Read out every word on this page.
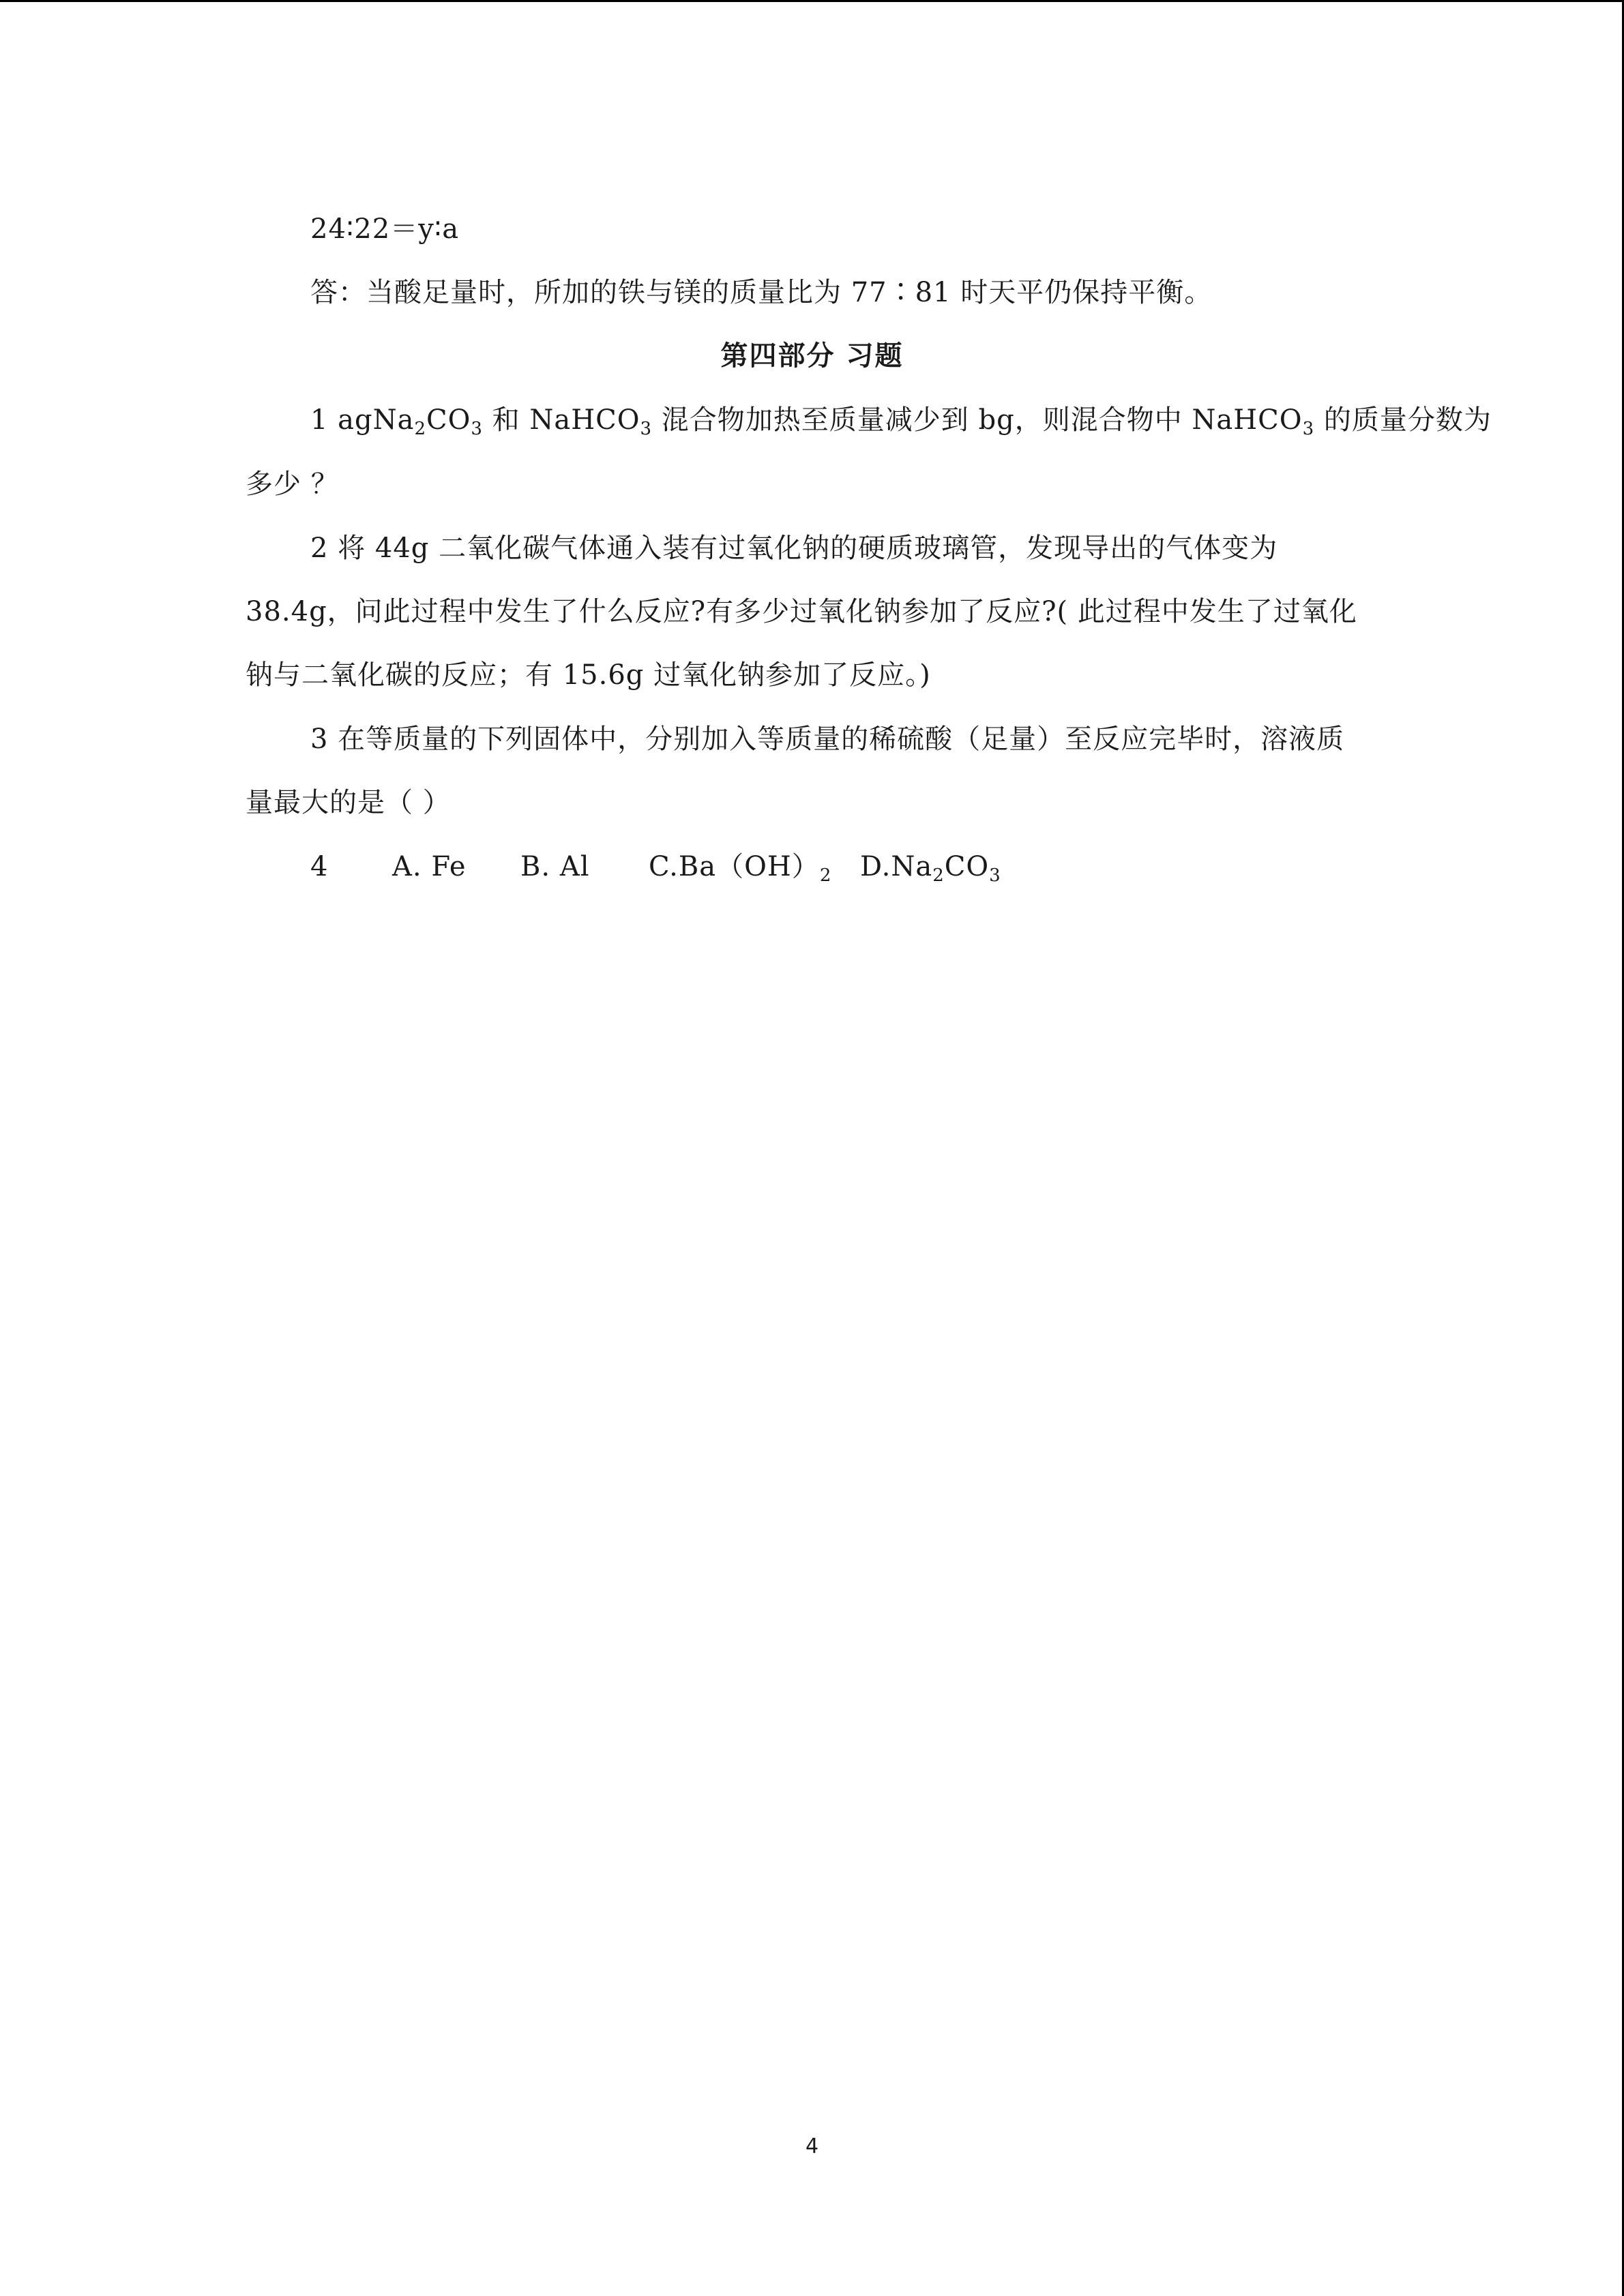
24∶22＝y∶a
答：当酸足量时，所加的铁与镁的质量比为 77∶81 时天平仍保持平衡。
第四部分 习题
1 $agNa_2CO_3$ 和 NaHCO$_3$ 混合物加热至质量减少到 bg，则混合物中 NaHCO$_3$ 的质量分数为
多少 ？
2 将 44g 二氧化碳气体通入装有过氧化钠的硬质玻璃管，发现导出的气体变为
38.4g，问此过程中发生了什么反应?有多少过氧化钠参加了反应?( 此过程中发生了过氧化
钠与二氧化碳的反应；有 15.6g 过氧化钠参加了反应。)
3 在等质量的下列固体中，分别加入等质量的稀硫酸（足量）至反应完毕时，溶液质
量最大的是（ ）
4 A. Fe B. Al $C.Ba(OH)_2$ $D.Na_2CO_3$
4
